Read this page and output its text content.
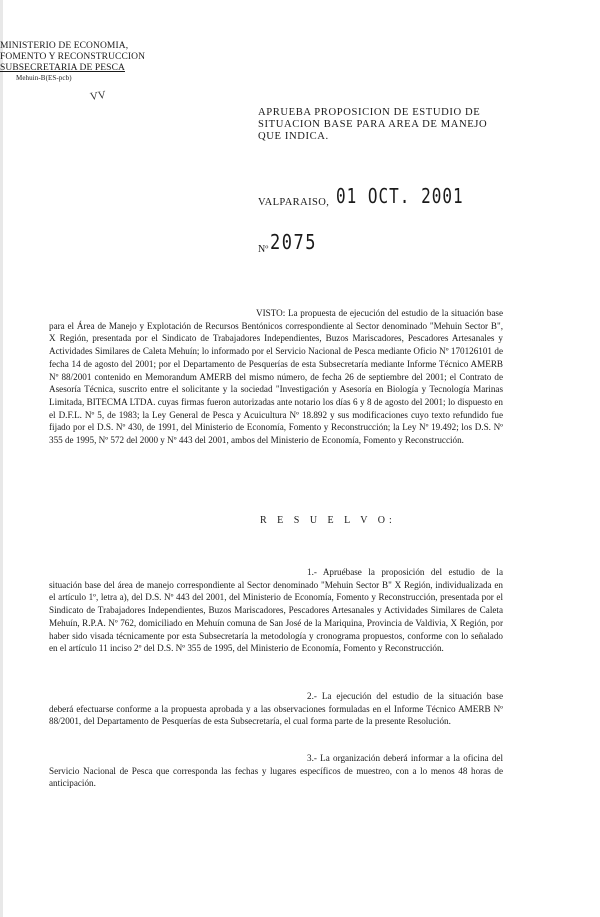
MINISTERIO DE ECONOMIA,
FOMENTO Y RECONSTRUCCION
SUBSECRETARIA DE PESCA
Mehuin-B(ES-pcb)
VV
APRUEBA PROPOSICION DE ESTUDIO DE SITUACION BASE PARA AREA DE MANEJO QUE INDICA.
VALPARAISO, 01 OCT. 2001
Nº 2075
VISTO: La propuesta de ejecución del estudio de la situación base para el Área de Manejo y Explotación de Recursos Bentónicos correspondiente al Sector denominado "Mehuin Sector B", X Región, presentada por el Sindicato de Trabajadores Independientes, Buzos Mariscadores, Pescadores Artesanales y Actividades Similares de Caleta Mehuín; lo informado por el Servicio Nacional de Pesca mediante Oficio Nº 170126101 de fecha 14 de agosto del 2001; por el Departamento de Pesquerías de esta Subsecretaría mediante Informe Técnico AMERB Nº 88/2001 contenido en Memorandum AMERB del mismo número, de fecha 26 de septiembre del 2001; el Contrato de Asesoría Técnica, suscrito entre el solicitante y la sociedad "Investigación y Asesoría en Biología y Tecnología Marinas Limitada, BITECMA LTDA. cuyas firmas fueron autorizadas ante notario los días 6 y 8 de agosto del 2001; lo dispuesto en el D.F.L. Nº 5, de 1983; la Ley General de Pesca y Acuicultura Nº 18.892 y sus modificaciones cuyo texto refundido fue fijado por el D.S. Nº 430, de 1991, del Ministerio de Economía, Fomento y Reconstrucción; la Ley Nº 19.492; los D.S. Nº 355 de 1995, Nº 572 del 2000 y Nº 443 del 2001, ambos del Ministerio de Economía, Fomento y Reconstrucción.
R E S U E L V O:
1.- Apruébase la proposición del estudio de la situación base del área de manejo correspondiente al Sector denominado "Mehuin Sector B" X Región, individualizada en el artículo 1º, letra a), del D.S. Nº 443 del 2001, del Ministerio de Economía, Fomento y Reconstrucción, presentada por el Sindicato de Trabajadores Independientes, Buzos Mariscadores, Pescadores Artesanales y Actividades Similares de Caleta Mehuín, R.P.A. Nº 762, domiciliado en Mehuín comuna de San José de la Mariquina, Provincia de Valdivia, X Región, por haber sido visada técnicamente por esta Subsecretaría la metodología y cronograma propuestos, conforme con lo señalado en el artículo 11 inciso 2º del D.S. Nº 355 de 1995, del Ministerio de Economía, Fomento y Reconstrucción.
2.- La ejecución del estudio de la situación base deberá efectuarse conforme a la propuesta aprobada y a las observaciones formuladas en el Informe Técnico AMERB Nº 88/2001, del Departamento de Pesquerías de esta Subsecretaría, el cual forma parte de la presente Resolución.
3.- La organización deberá informar a la oficina del Servicio Nacional de Pesca que corresponda las fechas y lugares específicos de muestreo, con a lo menos 48 horas de anticipación.
